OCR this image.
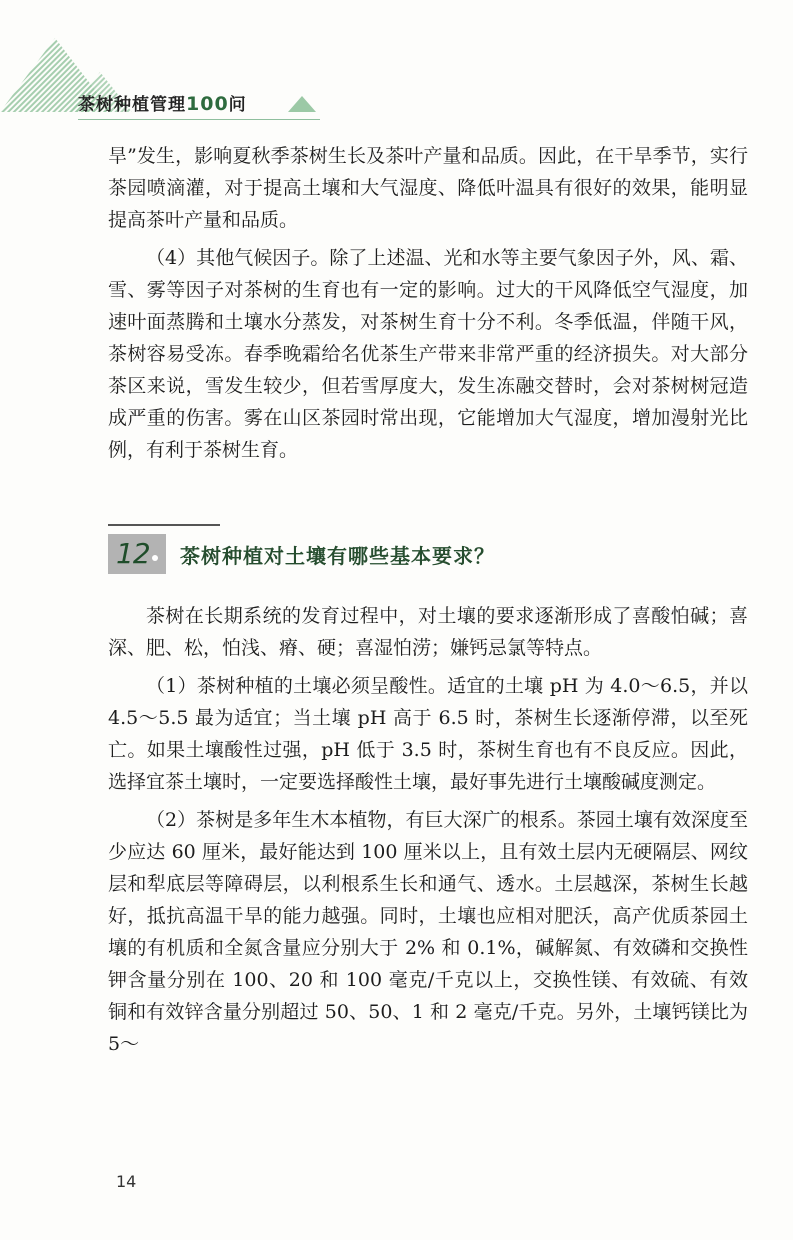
茶树种植管理100问

旱”发生，影响夏秋季茶树生长及茶叶产量和品质。因此，在干旱季节，实行茶园喷滴灌，对于提高土壤和大气湿度、降低叶温具有很好的效果，能明显提高茶叶产量和品质。

（4）其他气候因子。除了上述温、光和水等主要气象因子外，风、霜、雪、雾等因子对茶树的生育也有一定的影响。过大的干风降低空气湿度，加速叶面蒸腾和土壤水分蒸发，对茶树生育十分不利。冬季低温，伴随干风，茶树容易受冻。春季晚霜给名优茶生产带来非常严重的经济损失。对大部分茶区来说，雪发生较少，但若雪厚度大，发生冻融交替时，会对茶树树冠造成严重的伤害。雾在山区茶园时常出现，它能增加大气湿度，增加漫射光比例，有利于茶树生育。

12	茶树种植对土壤有哪些基本要求？

茶树在长期系统的发育过程中，对土壤的要求逐渐形成了喜酸怕碱；喜深、肥、松，怕浅、瘠、硬；喜湿怕涝；嫌钙忌氯等特点。

（1）茶树种植的土壤必须呈酸性。适宜的土壤 pH 为 4.0～6.5，并以 4.5～5.5 最为适宜；当土壤 pH 高于 6.5 时，茶树生长逐渐停滞，以至死亡。如果土壤酸性过强，pH 低于 3.5 时，茶树生育也有不良反应。因此，选择宜茶土壤时，一定要选择酸性土壤，最好事先进行土壤酸碱度测定。

（2）茶树是多年生木本植物，有巨大深广的根系。茶园土壤有效深度至少应达 60 厘米，最好能达到 100 厘米以上，且有效土层内无硬隔层、网纹层和犁底层等障碍层，以利根系生长和通气、透水。土层越深，茶树生长越好，抵抗高温干旱的能力越强。同时，土壤也应相对肥沃，高产优质茶园土壤的有机质和全氮含量应分别大于 2% 和 0.1%，碱解氮、有效磷和交换性钾含量分别在 100、20 和 100 毫克/千克以上，交换性镁、有效硫、有效铜和有效锌含量分别超过 50、50、1 和 2 毫克/千克。另外，土壤钙镁比为 5～

14
